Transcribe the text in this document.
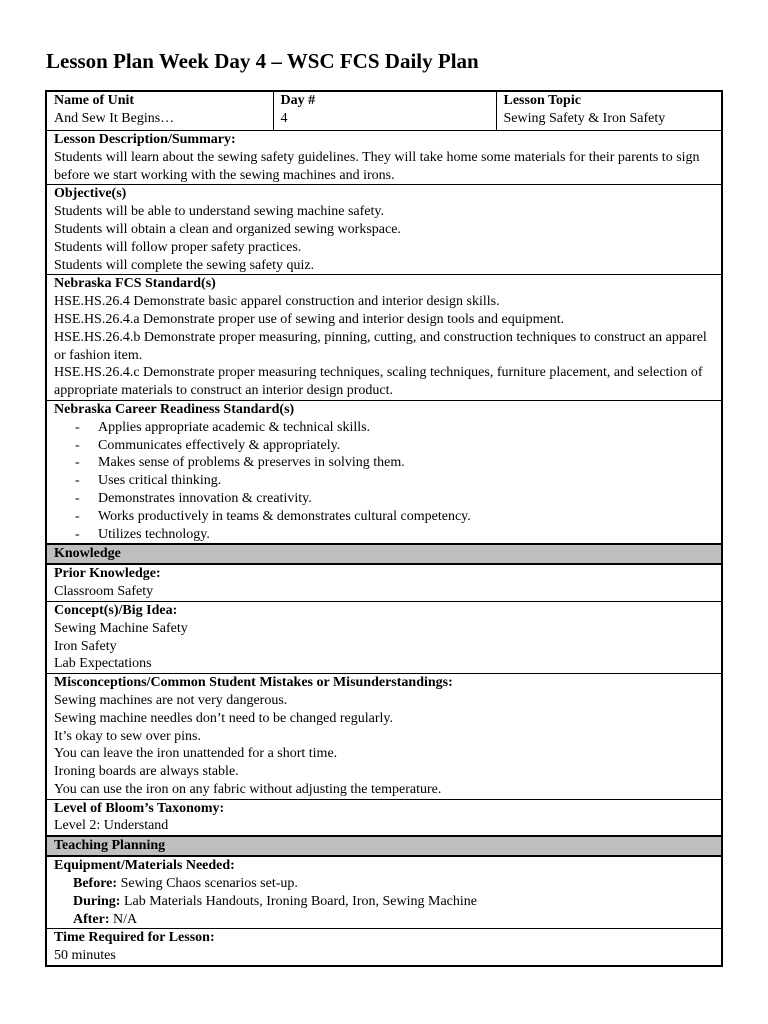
Lesson Plan Week Day 4 – WSC FCS Daily Plan
Name of Unit
And Sew It Begins…

Day #
4

Lesson Topic
Sewing Safety & Iron Safety

Lesson Description/Summary:
Students will learn about the sewing safety guidelines. They will take home some materials for their parents to sign before we start working with the sewing machines and irons.

Objective(s)
Students will be able to understand sewing machine safety.
Students will obtain a clean and organized sewing workspace.
Students will follow proper safety practices.
Students will complete the sewing safety quiz.

Nebraska FCS Standard(s)
HSE.HS.26.4 Demonstrate basic apparel construction and interior design skills.
HSE.HS.26.4.a Demonstrate proper use of sewing and interior design tools and equipment.
HSE.HS.26.4.b Demonstrate proper measuring, pinning, cutting, and construction techniques to construct an apparel or fashion item.
HSE.HS.26.4.c Demonstrate proper measuring techniques, scaling techniques, furniture placement, and selection of appropriate materials to construct an interior design product.

Nebraska Career Readiness Standard(s)
- Applies appropriate academic & technical skills.
- Communicates effectively & appropriately.
- Makes sense of problems & preserves in solving them.
- Uses critical thinking.
- Demonstrates innovation & creativity.
- Works productively in teams & demonstrates cultural competency.
- Utilizes technology.

Knowledge

Prior Knowledge:
Classroom Safety

Concept(s)/Big Idea:
Sewing Machine Safety
Iron Safety
Lab Expectations

Misconceptions/Common Student Mistakes or Misunderstandings:
Sewing machines are not very dangerous.
Sewing machine needles don’t need to be changed regularly.
It’s okay to sew over pins.
You can leave the iron unattended for a short time.
Ironing boards are always stable.
You can use the iron on any fabric without adjusting the temperature.

Level of Bloom’s Taxonomy:
Level 2: Understand

Teaching Planning

Equipment/Materials Needed:
Before: Sewing Chaos scenarios set-up.
During: Lab Materials Handouts, Ironing Board, Iron, Sewing Machine
After: N/A

Time Required for Lesson:
50 minutes
